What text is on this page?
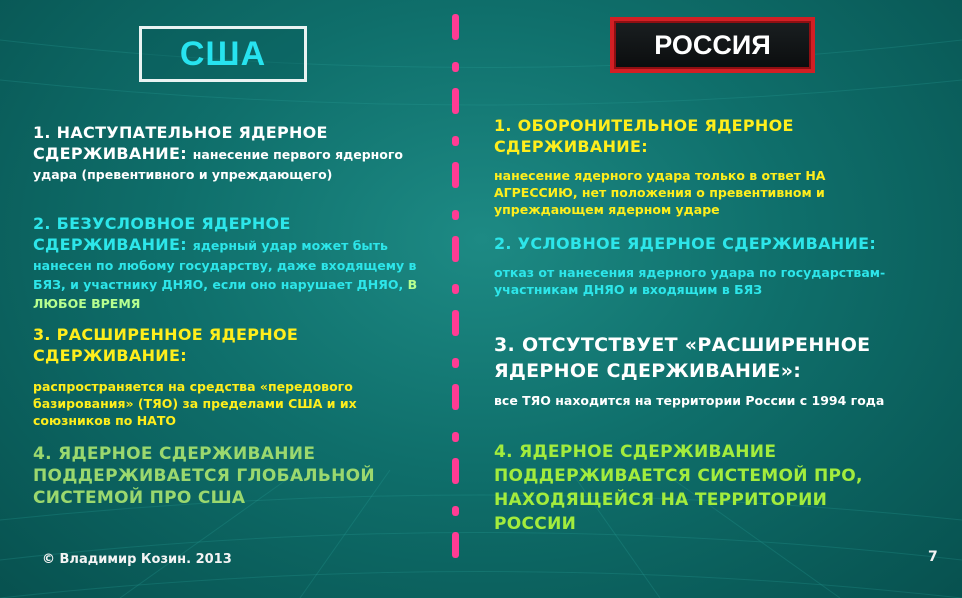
США	РОССИЯ
1. НАСТУПАТЕЛЬНОЕ ЯДЕРНОЕ СДЕРЖИВАНИЕ: нанесение первого ядерного удара (превентивного и упреждающего)
2. БЕЗУСЛОВНОЕ ЯДЕРНОЕ СДЕРЖИВАНИЕ: ядерный удар может быть нанесен по любому государству, даже входящему в БЯЗ, и участнику ДНЯО, если оно нарушает ДНЯО, В ЛЮБОЕ ВРЕМЯ
3. РАСШИРЕННОЕ ЯДЕРНОЕ СДЕРЖИВАНИЕ:
распространяется на средства «передового базирования» (ТЯО) за пределами США и их союзников по НАТО
4. ЯДЕРНОЕ СДЕРЖИВАНИЕ ПОДДЕРЖИВАЕТСЯ ГЛОБАЛЬНОЙ СИСТЕМОЙ ПРО США
1. ОБОРОНИТЕЛЬНОЕ ЯДЕРНОЕ СДЕРЖИВАНИЕ:
нанесение ядерного удара только в ответ НА АГРЕССИЮ, нет положения о превентивном и упреждающем ядерном ударе
2. УСЛОВНОЕ ЯДЕРНОЕ СДЕРЖИВАНИЕ:
отказ от нанесения ядерного удара по государствам-участникам ДНЯО и входящим в БЯЗ
3. ОТСУТСТВУЕТ «РАСШИРЕННОЕ ЯДЕРНОЕ СДЕРЖИВАНИЕ»:
все ТЯО находится на территории России с 1994 года
4. ЯДЕРНОЕ СДЕРЖИВАНИЕ ПОДДЕРЖИВАЕТСЯ СИСТЕМОЙ ПРО, НАХОДЯЩЕЙСЯ НА ТЕРРИТОРИИ РОССИИ
© Владимир Козин. 2013	7
